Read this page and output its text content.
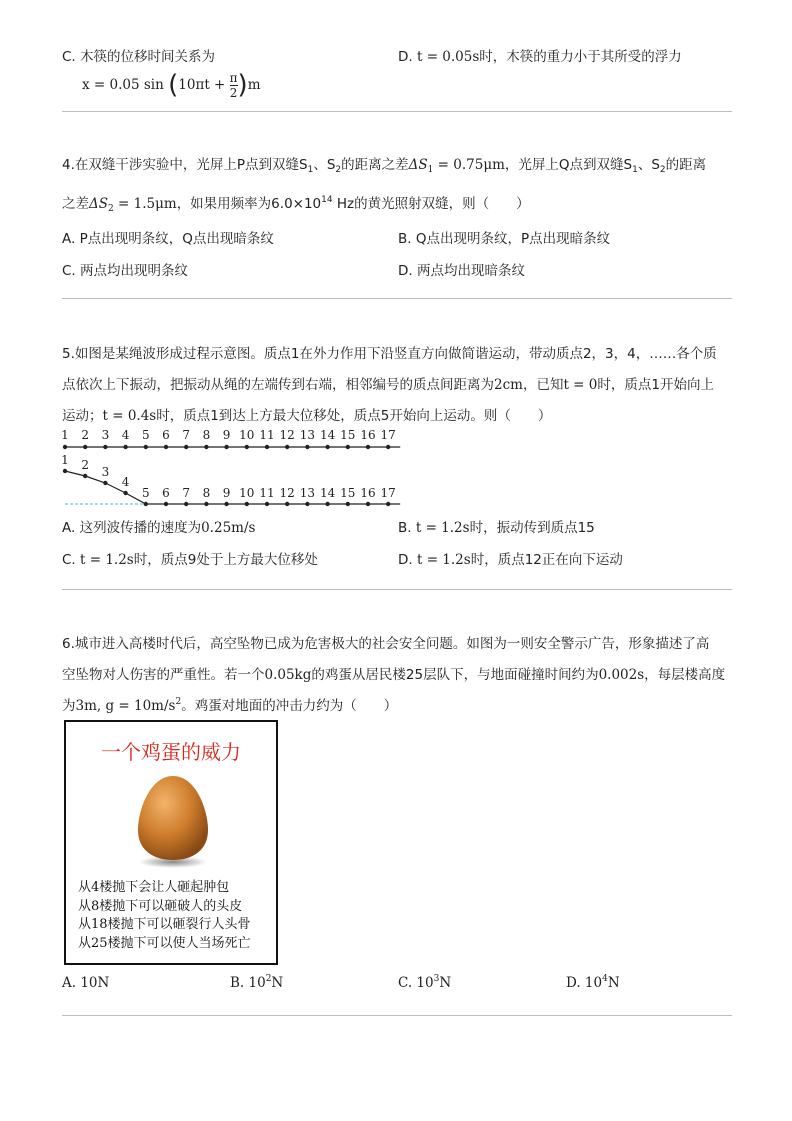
C. 木筷的位移时间关系为
x = 0.05 $\sin (10\pi t + \frac{\pi}{2} )m$
D. t = 0.05s时，木筷的重力小于其所受的浮力
4.在双缝干涉实验中，光屏上P点到双缝$S_1$、$S_2$的距离之差$\Delta S_1 = 0.75\mu m$，光屏上Q点到双缝$S_1$、$S_2$的距离
之差$\Delta S_2 = 1.5\mu m$，如果用频率为$6.0\times 10^{14}$ Hz的黄光照射双缝，则（　　）
A. P点出现明条纹，Q点出现暗条纹	B. Q点出现明条纹，P点出现暗条纹
C. 两点均出现明条纹	D. 两点均出现暗条纹
5.如图是某绳波形成过程示意图。质点1在外力作用下沿竖直方向做简谐运动，带动质点2，3，4，……各个质
点依次上下振动，把振动从绳的左端传到右端，相邻编号的质点间距离为2cm，已知t = 0时，质点1开始向上
运动；t = 0.4s时，质点1到达上方最大位移处，质点5开始向上运动。则（　　）
1 2 3 4 5 6 7 8 9 10 11 12 13 14 15 16 17
1 2 3
4
5 6 7 8 9 10 11 12 13 14 15 16 17
A. 这列波传播的速度为0.25m/s	B. t = 1.2s时，振动传到质点15
C. t = 1.2s时，质点9处于上方最大位移处	D. t = 1.2s时，质点12正在向下运动
6.城市进入高楼时代后，高空坠物已成为危害极大的社会安全问题。如图为一则安全警示广告，形象描述了高
空坠物对人伤害的严重性。若一个0.05kg的鸡蛋从居民楼25层队下，与地面碰撞时间约为0.002s，每层楼高度
为3m, $g = 10m/s^2$。鸡蛋对地面的冲击力约为（　　）
一个鸡蛋的威力
从4楼抛下会让人砸起肿包
从8楼抛下可以砸破人的头皮
从18楼抛下可以砸裂行人头骨
从25楼抛下可以使人当场死亡
A. 10N	B. $10^2N$	C. $10^3N$	D. $10^4N$
